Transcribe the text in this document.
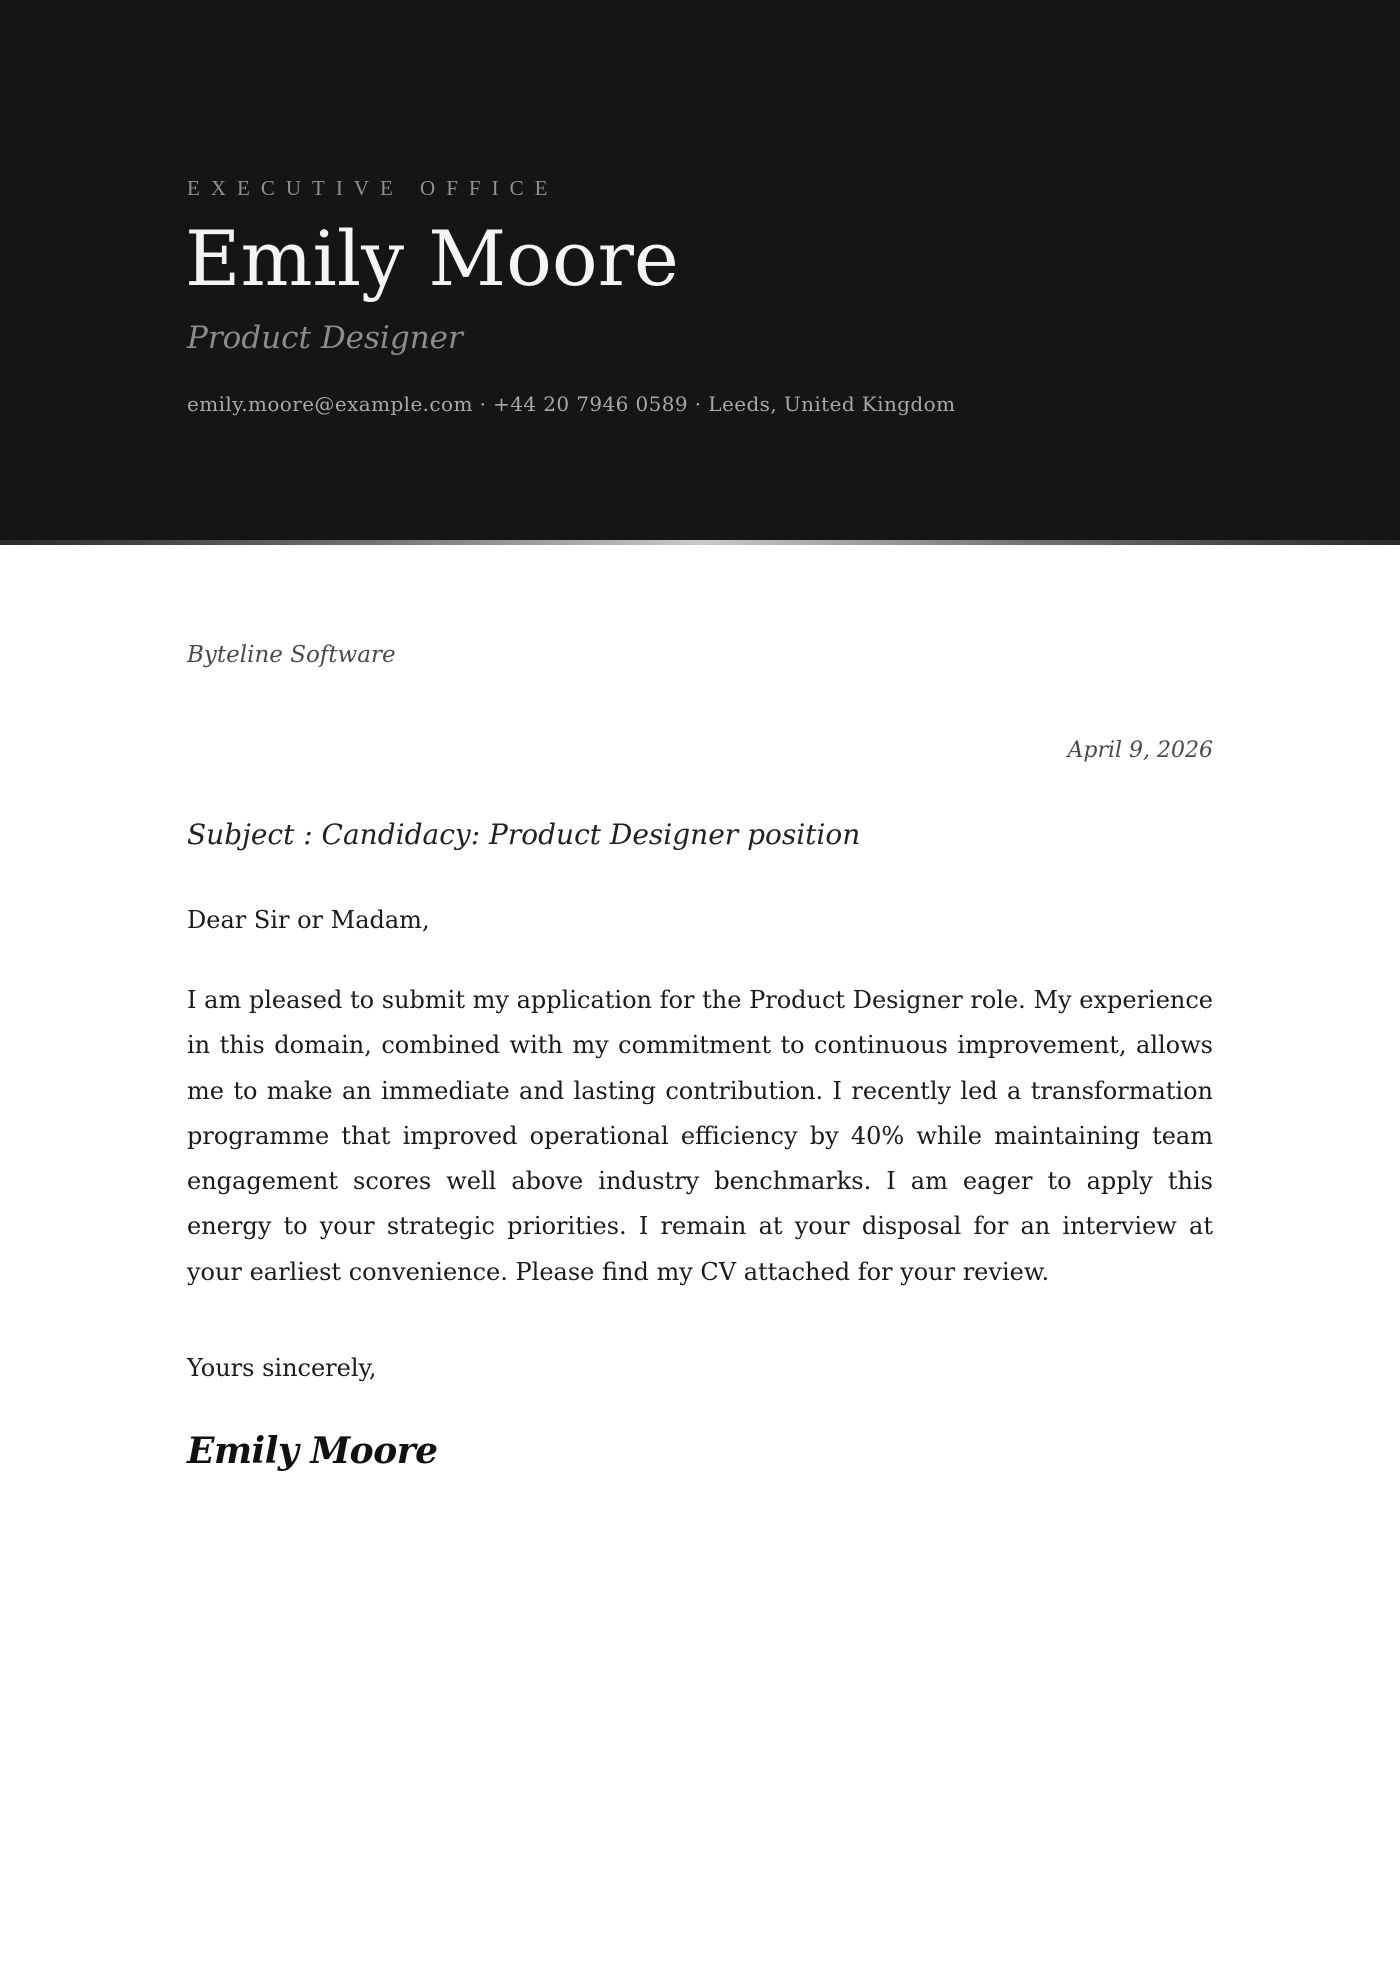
EXECUTIVE OFFICE
Emily Moore
Product Designer
emily.moore@example.com · +44 20 7946 0589 · Leeds, United Kingdom
Byteline Software
April 9, 2026
Subject : Candidacy: Product Designer position
Dear Sir or Madam,

I am pleased to submit my application for the Product Designer role. My experience in this domain, combined with my commitment to continuous improvement, allows me to make an immediate and lasting contribution. I recently led a transformation programme that improved operational efficiency by 40% while maintaining team engagement scores well above industry benchmarks. I am eager to apply this energy to your strategic priorities. I remain at your disposal for an interview at your earliest convenience. Please find my CV attached for your review.

Yours sincerely,
Emily Moore
